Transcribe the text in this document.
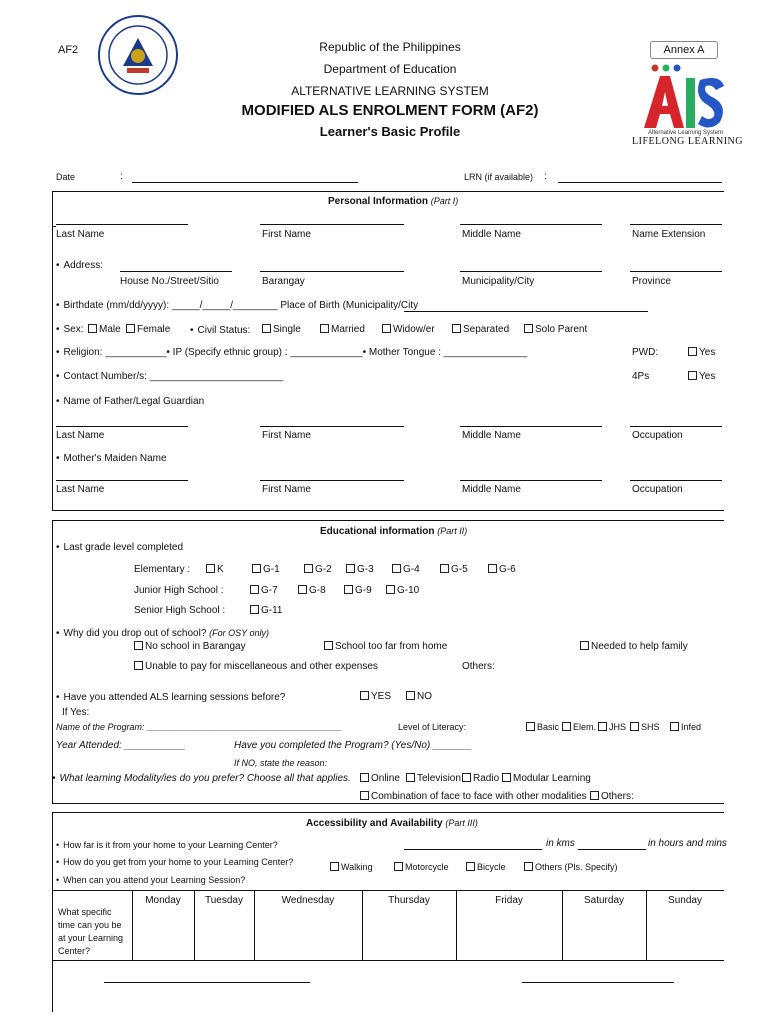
AF2	Republic of the Philippines
Department of Education
ALTERNATIVE LEARNING SYSTEM
MODIFIED ALS ENROLMENT FORM (AF2)
Learner's Basic Profile
Annex A
Alternative Learning System
LIFELONG LEARNING
Date	:	LRN (if available) :
Personal Information (Part I)
Last Name	First Name	Middle Name	Name Extension
• Address:
House No./Street/Sitio	Barangay	Municipality/City	Province
• Birthdate (mm/dd/yyyy): _____/_____/________ Place of Birth (Municipality/City
• Sex:	Male	Female
•	Civil Status:	Single	Married	Widow/er	Separated	Solo Parent
• Religion: ___________• IP (Specify ethnic group) : _____________• Mother Tongue : _______________	PWD:	Yes
• Contact Number/s: ________________________	4Ps	Yes
• Name of Father/Legal Guardian
Last Name	First Name	Middle Name	Occupation
• Mother's Maiden Name
Last Name	First Name	Middle Name	Occupation
Educational information (Part II)
• Last grade level completed
Elementary :	K	G-1	G-2	G-3	G-4	G-5	G-6
Junior High School :	G-7	G-8	G-9	G-10
Senior High School :	G-11
• Why did you drop out of school? (For OSY only)
No school in Barangay	School too far from home	Needed to help family
Unable to pay for miscellaneous and other expenses	Others:
• Have you attended ALS learning sessions before?	YES	NO
If Yes:
Name of the Program: _______________________________________	Level of Literacy:	Basic	Elem.	JHS	SHS	Infed
Year Attended: ___________	Have you completed the Program? (Yes/No) _______
If NO, state the reason:
• What learning Modality/ies do you prefer? Choose all that applies.	Online	Television	Radio	Modular Learning
Combination of face to face with other modalities	Others:
Accessibility and Availability (Part III)
• How far is it from your home to your Learning Center?	in kms	in hours and mins
• How do you get from your home to your Learning Center?	Walking	Motorcycle	Bicycle	Others (Pls. Specify)
• When can you attend your Learning Session?
What specific time can you be at your Learning Center?
Monday	Tuesday	Wednesday	Thursday	Friday	Saturday	Sunday
